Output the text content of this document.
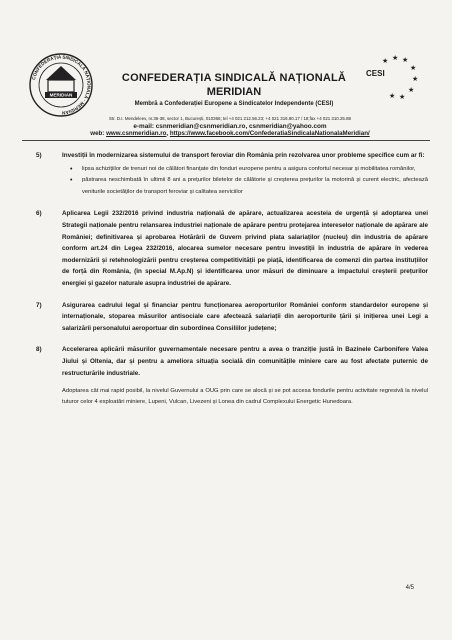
CONFEDERAȚIA SINDICALĂ NAȚIONALĂ · MERIDIAN
MERIDIAN
CONFEDERAȚIA SINDICALĂ NAȚIONALĂ
MERIDIAN
Membră a Confederației Europene a Sindicatelor Independente (CESI)
★ ★ ★
★
★
★
★
★
CESI
Str. D.I. Mendeleev, nr.36-38, sector 1, București, 010366; tel +4 021 212.56.23; +4 021 316.80.17 / 18;fax +4 021 310.25.88
e-mail: csnmeridian@csnmeridian.ro, csnmeridian@yahoo.com
web: www.csnmeridian.ro, https://www.facebook.com/ConfederatiaSindicalaNationalaMeridian/
5)	Investiții în modernizarea sistemului de transport feroviar din România prin rezolvarea unor probleme specifice cum ar fi:
• lipsa achizițiilor de trenuri noi de călători finanțate din fonduri europene pentru a asigura confortul necesar și mobilitatea românilor,
• păstrarea neschimbată în ultimii 8 ani a prețurilor biletelor de călătorie și creșterea prețurilor la motorină și curent electric, afectează veniturile societăților de transport feroviar și calitatea serviciilor
6)	Aplicarea Legii 232/2016 privind industria națională de apărare, actualizarea acesteia de urgență și adoptarea unei Strategii naționale pentru relansarea industriei naționale de apărare pentru protejarea intereselor naționale de apărare ale României; definitivarea și aprobarea Hotărârii de Guvern privind plata salariaților (nucleu) din industria de apărare conform art.24 din Legea 232/2016, alocarea sumelor necesare pentru investiții în industria de apărare în vederea modernizării și retehnologizării pentru creșterea competitivității pe piață, identificarea de comenzi din partea instituțiilor de forță din România, (în special M.Ap.N) și identificarea unor măsuri de diminuare a impactului creșterii prețurilor energiei și gazelor naturale asupra industriei de apărare.
7)	Asigurarea cadrului legal și financiar pentru funcționarea aeroporturilor României conform standardelor europene și internaționale, stoparea măsurilor antisociale care afectează salariații din aeroporturile țării și inițierea unei Legi a salarizării personalului aeroportuar din subordinea Consiliilor județene;
8)	Accelerarea aplicării măsurilor guvernamentale necesare pentru a avea o tranziție justă în Bazinele Carbonifere Valea Jiului și Oltenia, dar și pentru a ameliora situația socială din comunitățile miniere care au fost afectate puternic de restructurările industriale.
Adoptarea cât mai rapid posibil, la nivelul Guvernului a OUG prin care se alocă și se pot accesa fondurile pentru activitate regresivă la nivelul tuturor celor 4 exploatări miniere, Lupeni, Vulcan, Livezeni și Lonea din cadrul Complexului Energetic Hunedoara.
4/5
